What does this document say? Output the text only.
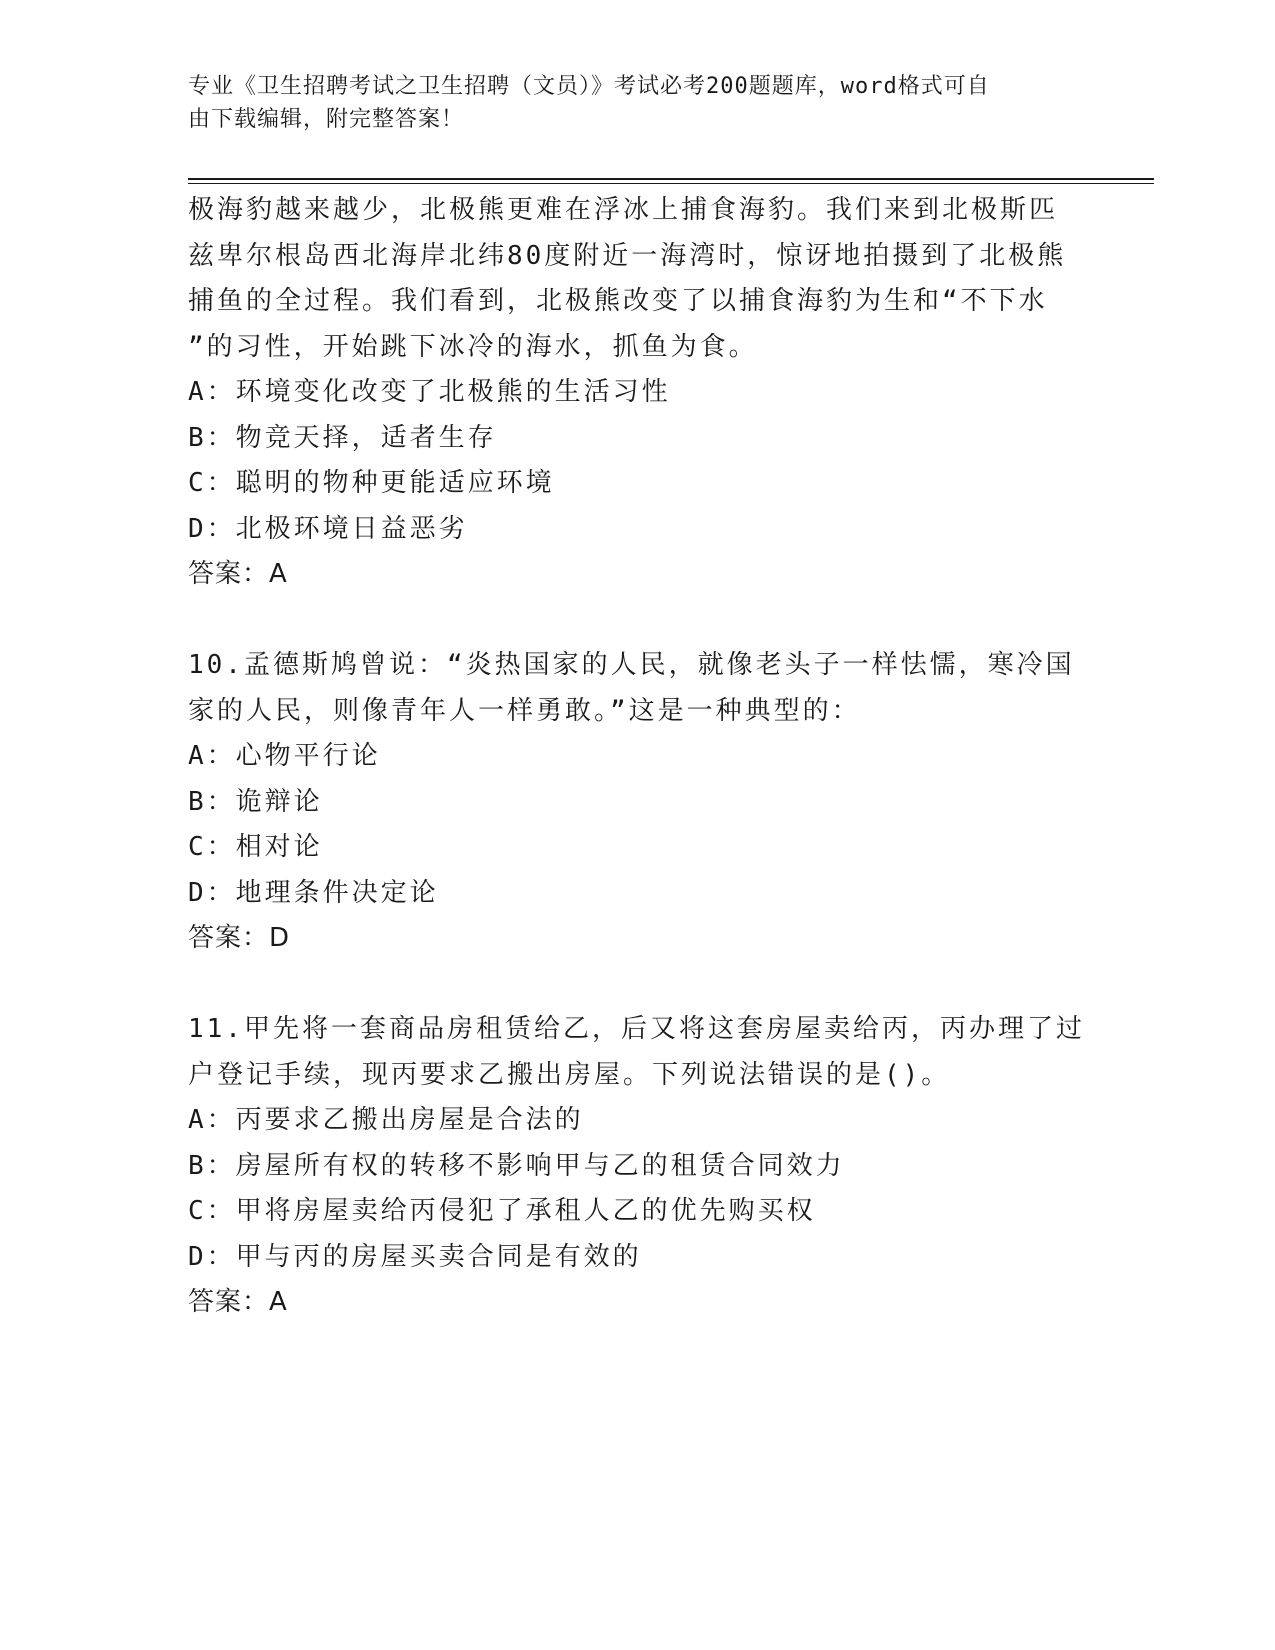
专业《卫生招聘考试之卫生招聘（文员）》考试必考200题题库，word格式可自
由下载编辑，附完整答案！
极海豹越来越少，北极熊更难在浮冰上捕食海豹。我们来到北极斯匹
兹卑尔根岛西北海岸北纬80度附近一海湾时，惊讶地拍摄到了北极熊
捕鱼的全过程。我们看到，北极熊改变了以捕食海豹为生和“不下水
”的习性，开始跳下冰冷的海水，抓鱼为食。
A：环境变化改变了北极熊的生活习性
B：物竞天择，适者生存
C：聪明的物种更能适应环境
D：北极环境日益恶劣
答案：A
10.孟德斯鸠曾说：“炎热国家的人民，就像老头子一样怯懦，寒冷国
家的人民，则像青年人一样勇敢。”这是一种典型的：
A：心物平行论
B：诡辩论
C：相对论
D：地理条件决定论
答案：D
11.甲先将一套商品房租赁给乙，后又将这套房屋卖给丙，丙办理了过
户登记手续，现丙要求乙搬出房屋。下列说法错误的是()。
A：丙要求乙搬出房屋是合法的
B：房屋所有权的转移不影响甲与乙的租赁合同效力
C：甲将房屋卖给丙侵犯了承租人乙的优先购买权
D：甲与丙的房屋买卖合同是有效的
答案：A
